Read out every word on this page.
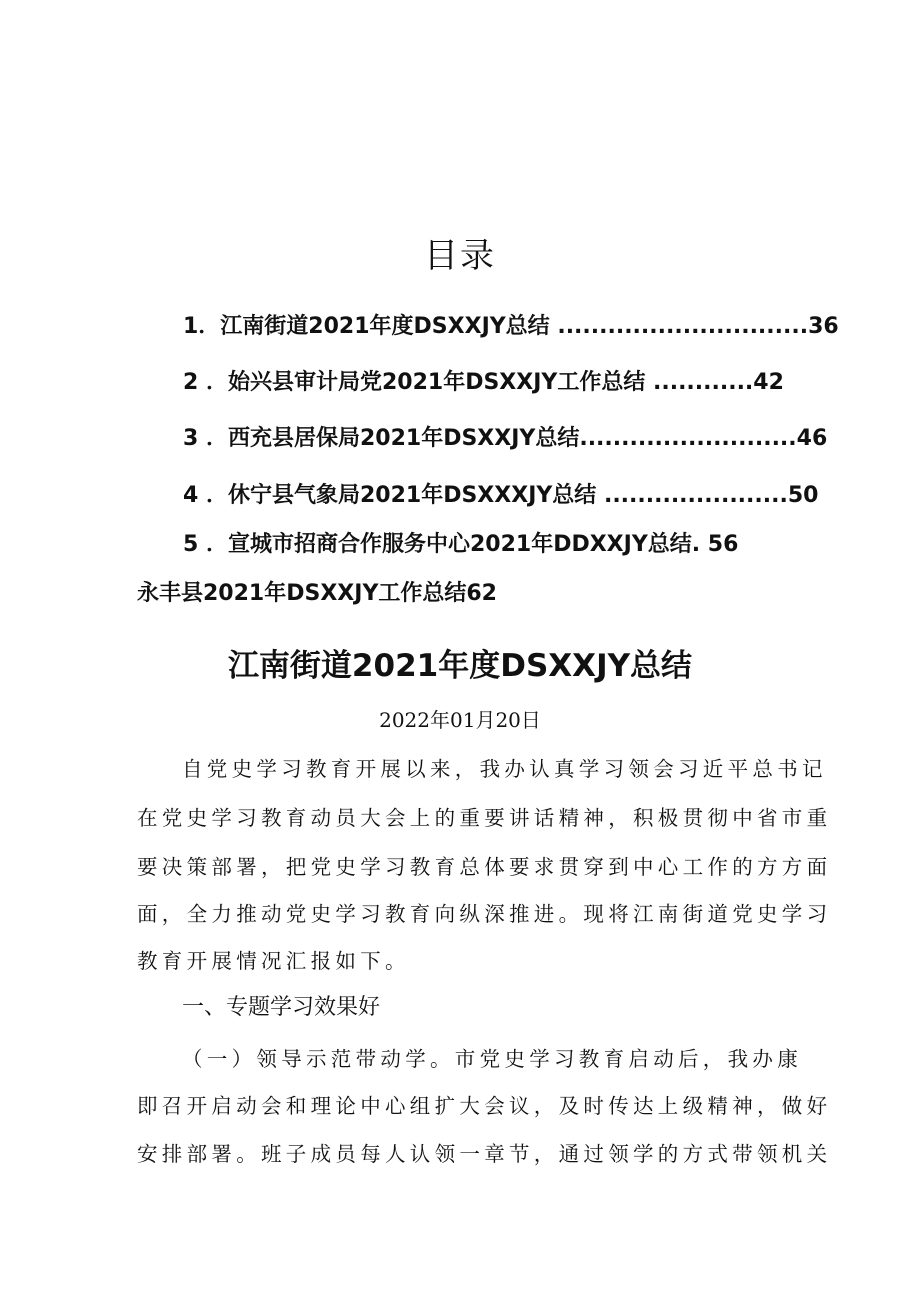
目录
1．江南街道2021年度DSXXJY总结 ..............................36
2 ．始兴县审计局党2021年DSXXJY工作总结 ............42
3 ．西充县居保局2021年DSXXJY总结..........................46
4 ．休宁县气象局2021年DSXXXJY总结 ......................50
5 ．宣城市招商合作服务中心2021年DDXXJY总结. 56
永丰县2021年DSXXJY工作总结62
江南街道2021年度DSXXJY总结
2022年01月20日
自党史学习教育开展以来，我办认真学习领会习近平总书记
在党史学习教育动员大会上的重要讲话精神，积极贯彻中省市重
要决策部署，把党史学习教育总体要求贯穿到中心工作的方方面
面，全力推动党史学习教育向纵深推进。现将江南街道党史学习
教育开展情况汇报如下。
一、专题学习效果好
（一）领导示范带动学。市党史学习教育启动后，我办康
即召开启动会和理论中心组扩大会议，及时传达上级精神，做好
安排部署。班子成员每人认领一章节，通过领学的方式带领机关
